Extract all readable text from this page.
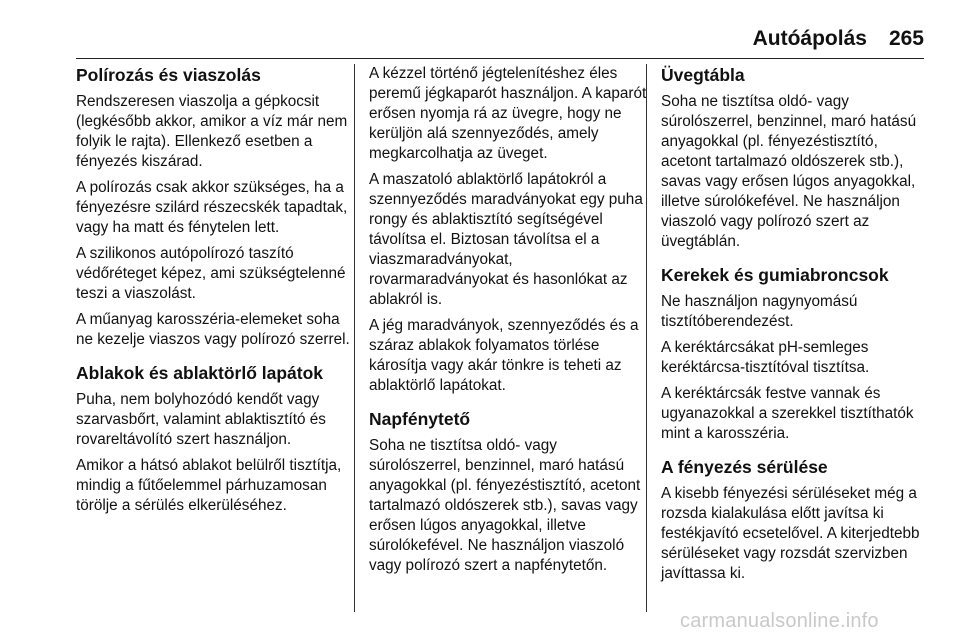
Autóápolás 265
Polírozás és viaszolás

Rendszeresen viaszolja a gépkocsit (legkésőbb akkor, amikor a víz már nem folyik le rajta). Ellenkező esetben a fényezés kiszárad.

A polírozás csak akkor szükséges, ha a fényezésre szilárd részecskék tapadtak, vagy ha matt és fénytelen lett.

A szilikonos autópolírozó taszító védőréteget képez, ami szükségtelenné teszi a viaszolást.

A műanyag karosszéria-elemeket soha ne kezelje viaszos vagy polírozó szerrel.

Ablakok és ablaktörlő lapátok

Puha, nem bolyhozódó kendőt vagy szarvasbőrt, valamint ablaktisztító és rovareltávolító szert használjon.

Amikor a hátsó ablakot belülről tisztítja, mindig a fűtőelemmel párhuzamosan törölje a sérülés elkerüléséhez.

A kézzel történő jégtelenítéshez éles peremű jégkaparót használjon. A kaparót erősen nyomja rá az üvegre, hogy ne kerüljön alá szennyeződés, amely megkarcolhatja az üveget.

A maszatoló ablaktörlő lapátokról a szennyeződés maradványokat egy puha rongy és ablaktisztító segítségével távolítsa el. Biztosan távolítsa el a viaszmaradványokat, rovarmaradványokat és hasonlókat az ablakról is.

A jég maradványok, szennyeződés és a száraz ablakok folyamatos törlése károsítja vagy akár tönkre is teheti az ablaktörlő lapátokat.

Napfénytető

Soha ne tisztítsa oldó- vagy súrolószerrel, benzinnel, maró hatású anyagokkal (pl. fényezéstisztító, acetont tartalmazó oldószerek stb.), savas vagy erősen lúgos anyagokkal, illetve súrolókefével. Ne használjon viaszoló vagy polírozó szert a napfénytetőn.

Üvegtábla

Soha ne tisztítsa oldó- vagy súrolószerrel, benzinnel, maró hatású anyagokkal (pl. fényezéstisztító, acetont tartalmazó oldószerek stb.), savas vagy erősen lúgos anyagokkal, illetve súrolókefével. Ne használjon viaszoló vagy polírozó szert az üvegtáblán.

Kerekek és gumiabroncsok

Ne használjon nagynyomású tisztítóberendezést.

A keréktárcsákat pH-semleges keréktárcsa-tisztítóval tisztítsa.

A keréktárcsák festve vannak és ugyanazokkal a szerekkel tisztíthatók mint a karosszéria.

A fényezés sérülése

A kisebb fényezési sérüléseket még a rozsda kialakulása előtt javítsa ki festékjavító ecsetelővel. A kiterjedtebb sérüléseket vagy rozsdát szervizben javíttassa ki.

carmanualsonline.info
